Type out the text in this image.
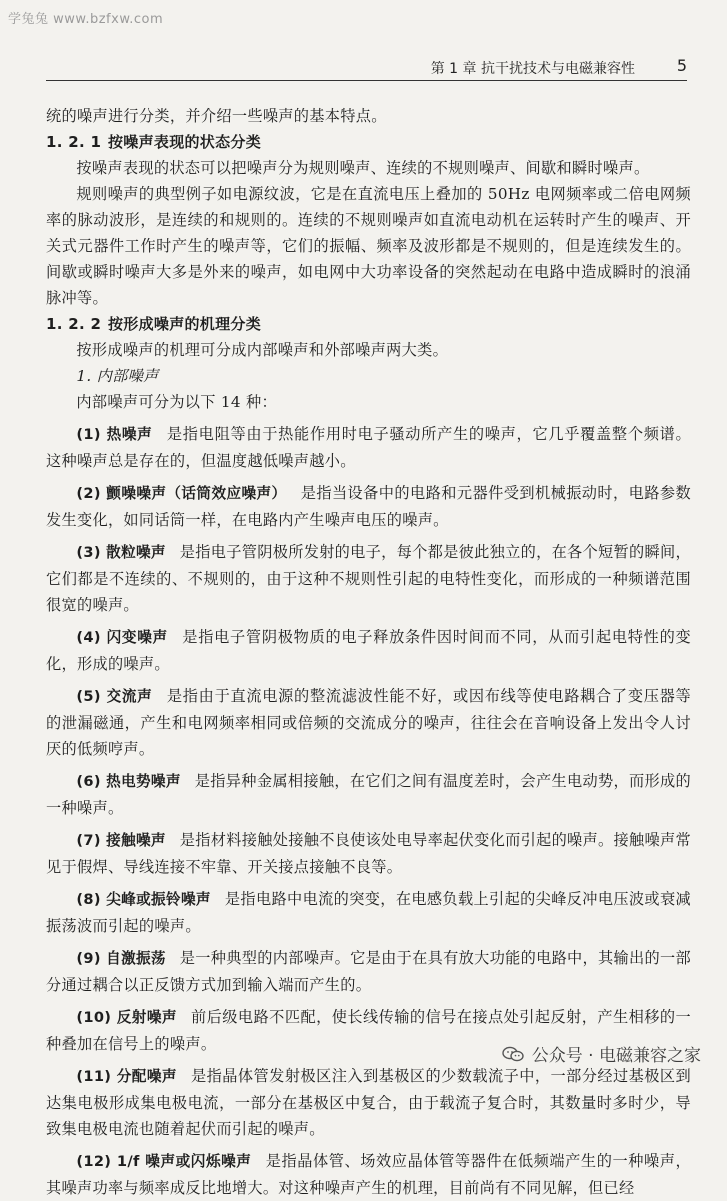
学兔兔 www.bzfxw.com
第 1 章 抗干扰技术与电磁兼容性	5

统的噪声进行分类，并介绍一些噪声的基本特点。

1. 2. 1 按噪声表现的状态分类

按噪声表现的状态可以把噪声分为规则噪声、连续的不规则噪声、间歇和瞬时噪声。

规则噪声的典型例子如电源纹波，它是在直流电压上叠加的 50Hz 电网频率或二倍电网频率的脉动波形，是连续的和规则的。连续的不规则噪声如直流电动机在运转时产生的噪声、开关式元器件工作时产生的噪声等，它们的振幅、频率及波形都是不规则的，但是连续发生的。间歇或瞬时噪声大多是外来的噪声，如电网中大功率设备的突然起动在电路中造成瞬时的浪涌脉冲等。

1. 2. 2 按形成噪声的机理分类

按形成噪声的机理可分成内部噪声和外部噪声两大类。

1. 内部噪声

内部噪声可分为以下 14 种：

(1) 热噪声 是指电阻等由于热能作用时电子骚动所产生的噪声，它几乎覆盖整个频谱。这种噪声总是存在的，但温度越低噪声越小。

(2) 颤噪噪声（话筒效应噪声） 是指当设备中的电路和元器件受到机械振动时，电路参数发生变化，如同话筒一样，在电路内产生噪声电压的噪声。

(3) 散粒噪声 是指电子管阴极所发射的电子，每个都是彼此独立的，在各个短暂的瞬间，它们都是不连续的、不规则的，由于这种不规则性引起的电特性变化，而形成的一种频谱范围很宽的噪声。

(4) 闪变噪声 是指电子管阴极物质的电子释放条件因时间而不同，从而引起电特性的变化，形成的噪声。

(5) 交流声 是指由于直流电源的整流滤波性能不好，或因布线等使电路耦合了变压器等的泄漏磁通，产生和电网频率相同或倍频的交流成分的噪声，往往会在音响设备上发出令人讨厌的低频哼声。

(6) 热电势噪声 是指异种金属相接触，在它们之间有温度差时，会产生电动势，而形成的一种噪声。

(7) 接触噪声 是指材料接触处接触不良使该处电导率起伏变化而引起的噪声。接触噪声常见于假焊、导线连接不牢靠、开关接点接触不良等。

(8) 尖峰或振铃噪声 是指电路中电流的突变，在电感负载上引起的尖峰反冲电压波或衰减振荡波而引起的噪声。

(9) 自激振荡 是一种典型的内部噪声。它是由于在具有放大功能的电路中，其输出的一部分通过耦合以正反馈方式加到输入端而产生的。

(10) 反射噪声 前后级电路不匹配，使长线传输的信号在接点处引起反射，产生相移的一种叠加在信号上的噪声。

(11) 分配噪声 是指晶体管发射极区注入到基极区的少数载流子中，一部分经过基极区到达集电极形成集电极电流，一部分在基极区中复合，由于载流子复合时，其数量时多时少，导致集电极电流也随着起伏而引起的噪声。

(12) 1/f 噪声或闪烁噪声 是指晶体管、场效应晶体管等器件在低频端产生的一种噪声，其噪声功率与频率成反比地增大。对这种噪声产生的机理，目前尚有不同见解，但已经

公众号 · 电磁兼容之家
